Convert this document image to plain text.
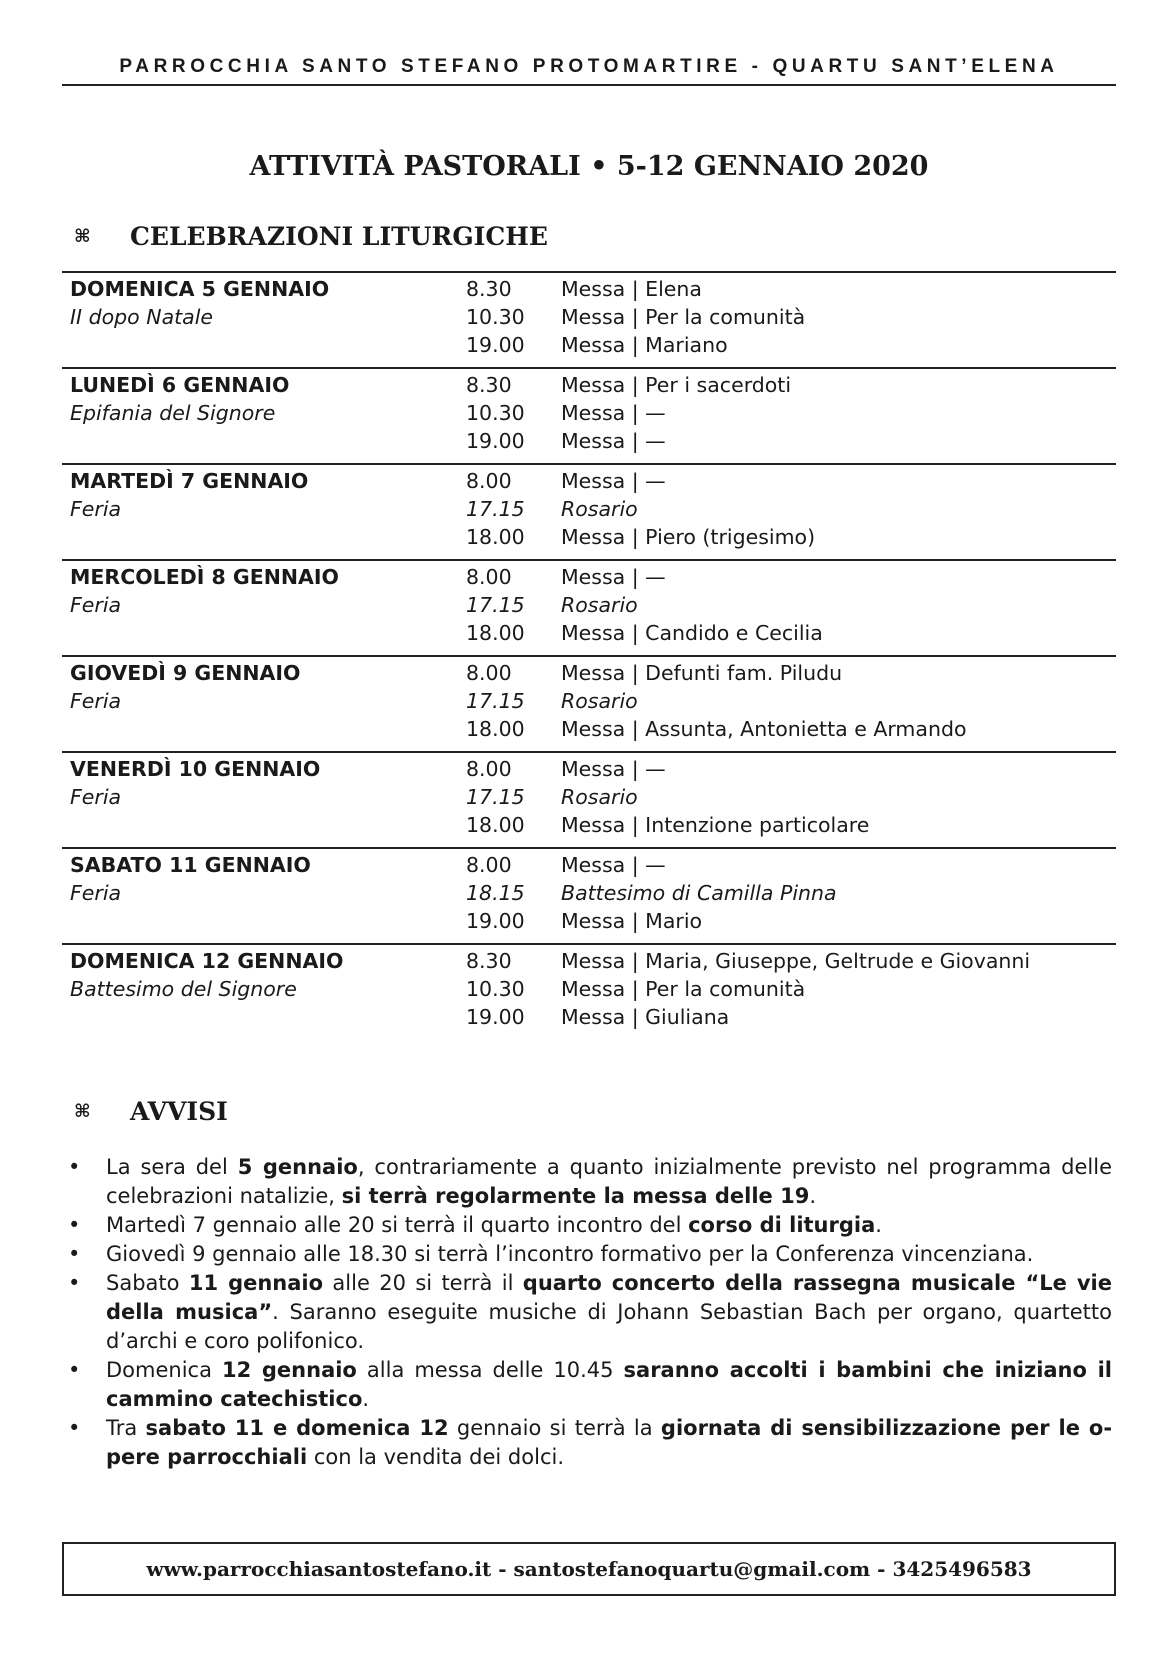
PARROCCHIA SANTO STEFANO PROTOMARTIRE - QUARTU SANT’ELENA
ATTIVITÀ PASTORALI • 5-12 GENNAIO 2020
⌘ CELEBRAZIONI LITURGICHE
DOMENICA 5 GENNAIO
II dopo Natale
8.30
10.30
19.00
Messa | Elena
Messa | Per la comunità
Messa | Mariano
LUNEDÌ 6 GENNAIO
Epifania del Signore
8.30
10.30
19.00
Messa | Per i sacerdoti
Messa | —
Messa | —
MARTEDÌ 7 GENNAIO
Feria
8.00
17.15
18.00
Messa | —
Rosario
Messa | Piero (trigesimo)
MERCOLEDÌ 8 GENNAIO
Feria
8.00
17.15
18.00
Messa | —
Rosario
Messa | Candido e Cecilia
GIOVEDÌ 9 GENNAIO
Feria
8.00
17.15
18.00
Messa | Defunti fam. Piludu
Rosario
Messa | Assunta, Antonietta e Armando
VENERDÌ 10 GENNAIO
Feria
8.00
17.15
18.00
Messa | —
Rosario
Messa | Intenzione particolare
SABATO 11 GENNAIO
Feria
8.00
18.15
19.00
Messa | —
Battesimo di Camilla Pinna
Messa | Mario
DOMENICA 12 GENNAIO
Battesimo del Signore
8.30
10.30
19.00
Messa | Maria, Giuseppe, Geltrude e Giovanni
Messa | Per la comunità
Messa | Giuliana
⌘ AVVISI
• La sera del 5 gennaio, contrariamente a quanto inizialmente previsto nel programma delle celebrazioni natalizie, si terrà regolarmente la messa delle 19.
• Martedì 7 gennaio alle 20 si terrà il quarto incontro del corso di liturgia.
• Giovedì 9 gennaio alle 18.30 si terrà l’incontro formativo per la Conferenza vincenziana.
• Sabato 11 gennaio alle 20 si terrà il quarto concerto della rassegna musicale “Le vie della musica”. Saranno eseguite musiche di Johann Sebastian Bach per organo, quartetto d’archi e coro polifonico.
• Domenica 12 gennaio alla messa delle 10.45 saranno accolti i bambini che iniziano il cammino catechistico.
• Tra sabato 11 e domenica 12 gennaio si terrà la giornata di sensibilizzazione per le opere parrocchiali con la vendita dei dolci.
www.parrocchiasantostefano.it - santostefanoquartu@gmail.com - 3425496583
